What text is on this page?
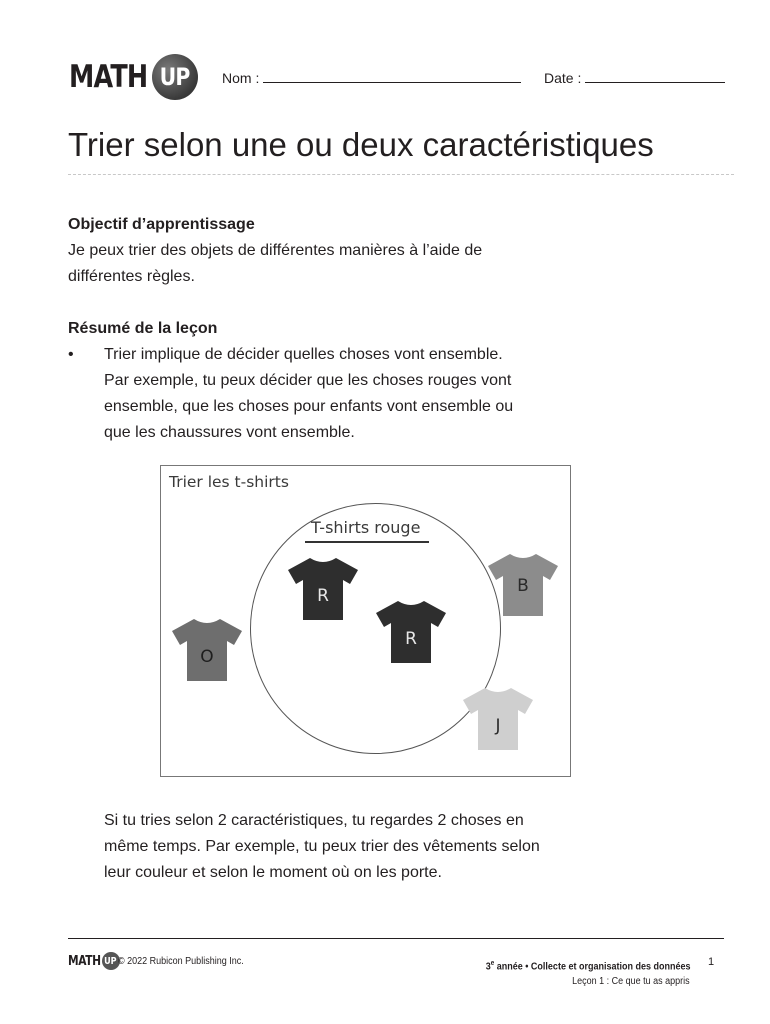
MATH UP Nom :	Date :
Trier selon une ou deux caractéristiques
Objectif d’apprentissage
Je peux trier des objets de différentes manières à l’aide de
différentes règles.
Résumé de la leçon
• Trier implique de décider quelles choses vont ensemble.
Par exemple, tu peux décider que les choses rouges vont
ensemble, que les choses pour enfants vont ensemble ou
que les chaussures vont ensemble.
Trier les t-shirts
T-shirts rouge
R
R
O
B
J
Si tu tries selon 2 caractéristiques, tu regardes 2 choses en
même temps. Par exemple, tu peux trier des vêtements selon
leur couleur et selon le moment où on les porte.
MATH UP © 2022 Rubicon Publishing Inc.	3e année • Collecte et organisation des données
Leçon 1 : Ce que tu as appris
1
